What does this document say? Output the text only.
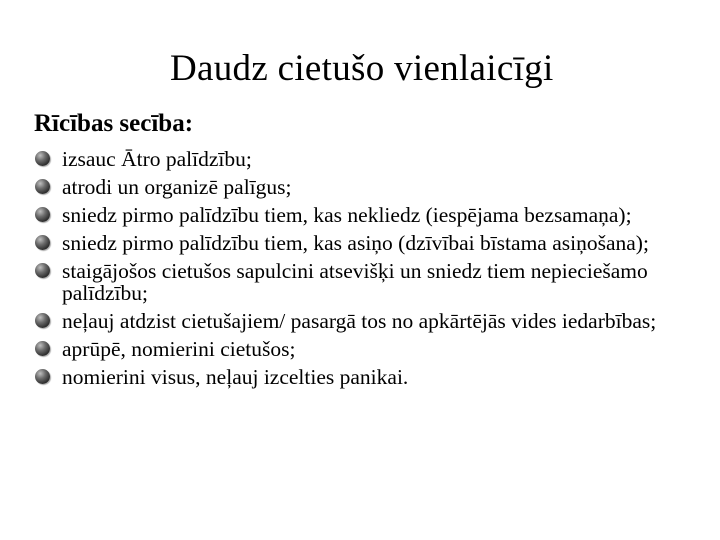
Daudz cietušo vienlaicīgi
Rīcības secība:
izsauc Ātro palīdzību;
atrodi un organizē palīgus;
sniedz pirmo palīdzību tiem, kas nekliedz (iespējama bezsamaņa);
sniedz pirmo palīdzību tiem, kas asiņo (dzīvībai bīstama asiņošana);
staigājošos cietušos sapulcini atsevišķi un sniedz tiem nepieciešamo palīdzību;
neļauj atdzist cietušajiem/ pasargā tos no apkārtējās vides iedarbības;
aprūpē, nomierini cietušos;
nomierini visus, neļauj izcelties panikai.
